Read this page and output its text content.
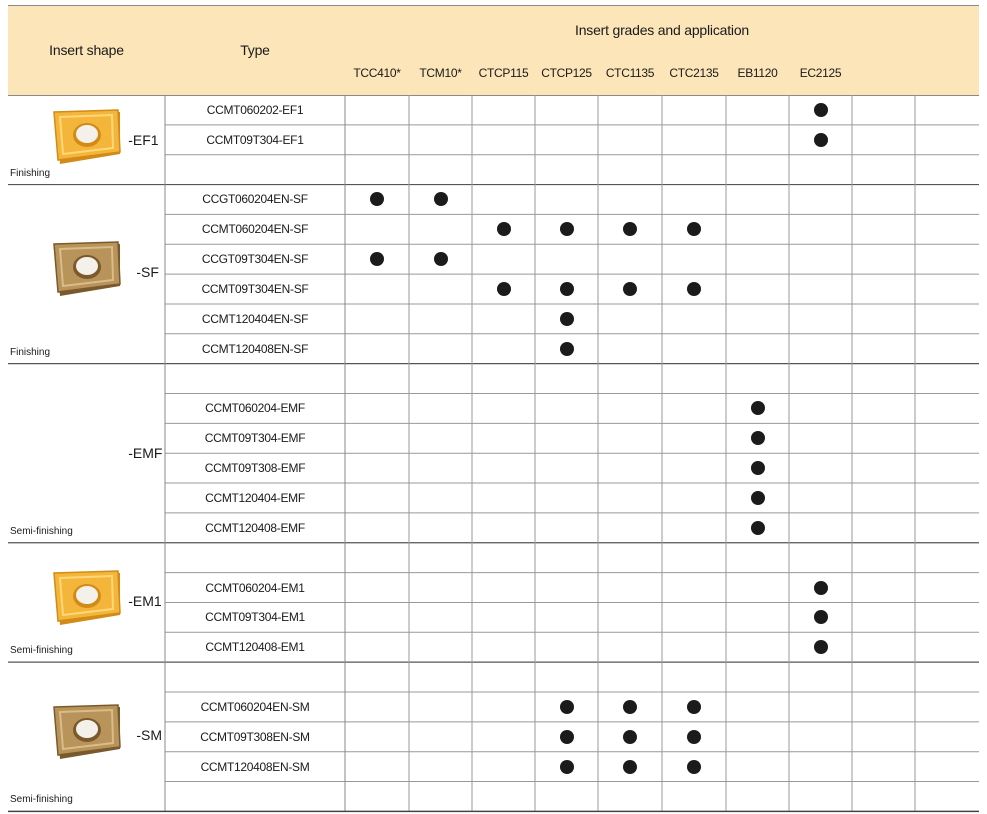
Insert shape	Type
Insert grades and application
TCC410* TCM10* CTCP115 CTCP125 CTC1135 CTC2135 EB1120 EC2125
-EF1
Finishing
CCMT060202-EF1
CCMT09T304-EF1
-SF
Finishing
CCGT060204EN-SF
CCMT060204EN-SF
CCGT09T304EN-SF
CCMT09T304EN-SF
CCMT120404EN-SF
CCMT120408EN-SF
-EMF
Semi-finishing
CCMT060204-EMF
CCMT09T304-EMF
CCMT09T308-EMF
CCMT120404-EMF
CCMT120408-EMF
-EM1
Semi-finishing
CCMT060204-EM1
CCMT09T304-EM1
CCMT120408-EM1
-SM
Semi-finishing
CCMT060204EN-SM
CCMT09T308EN-SM
CCMT120408EN-SM
